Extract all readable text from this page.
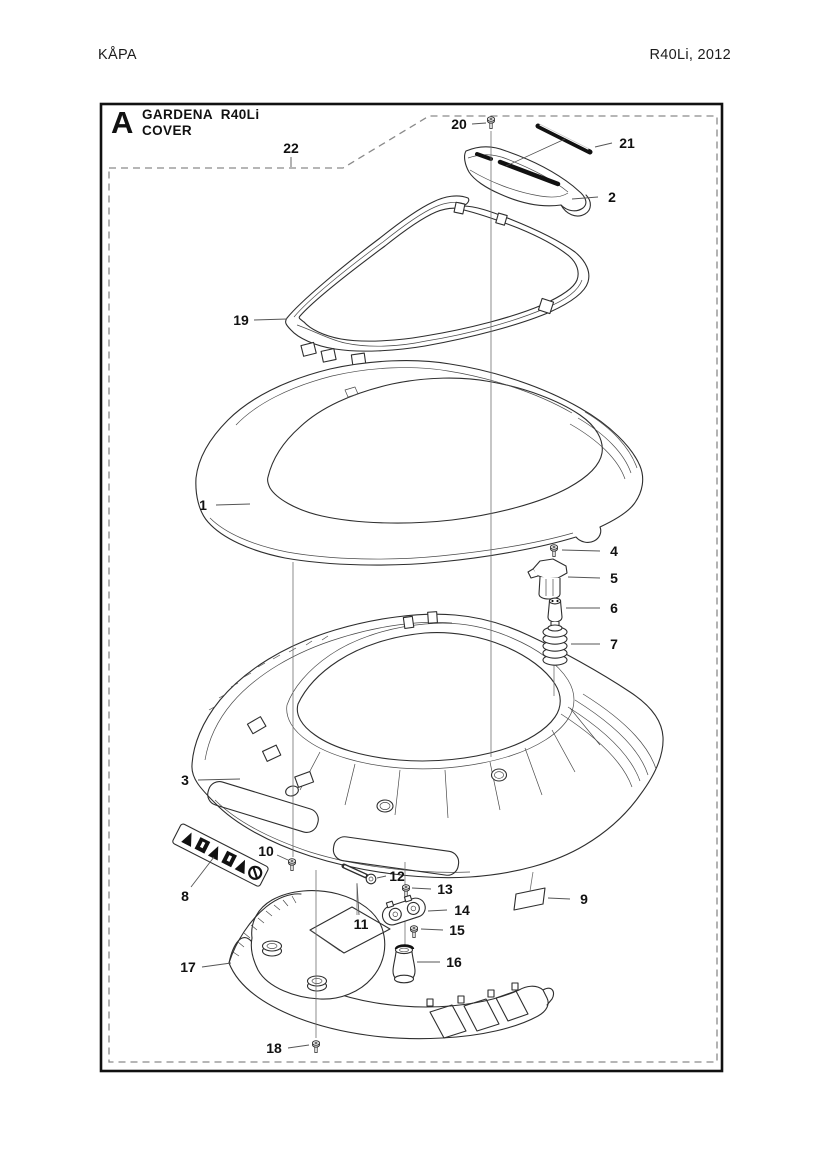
KÅPA	R40Li, 2012
A GARDENA R40Li
COVER
1
2
3
4
5
6
7
8	9
10
11
12
13
14
15
16
17
18
19
20
21
22
